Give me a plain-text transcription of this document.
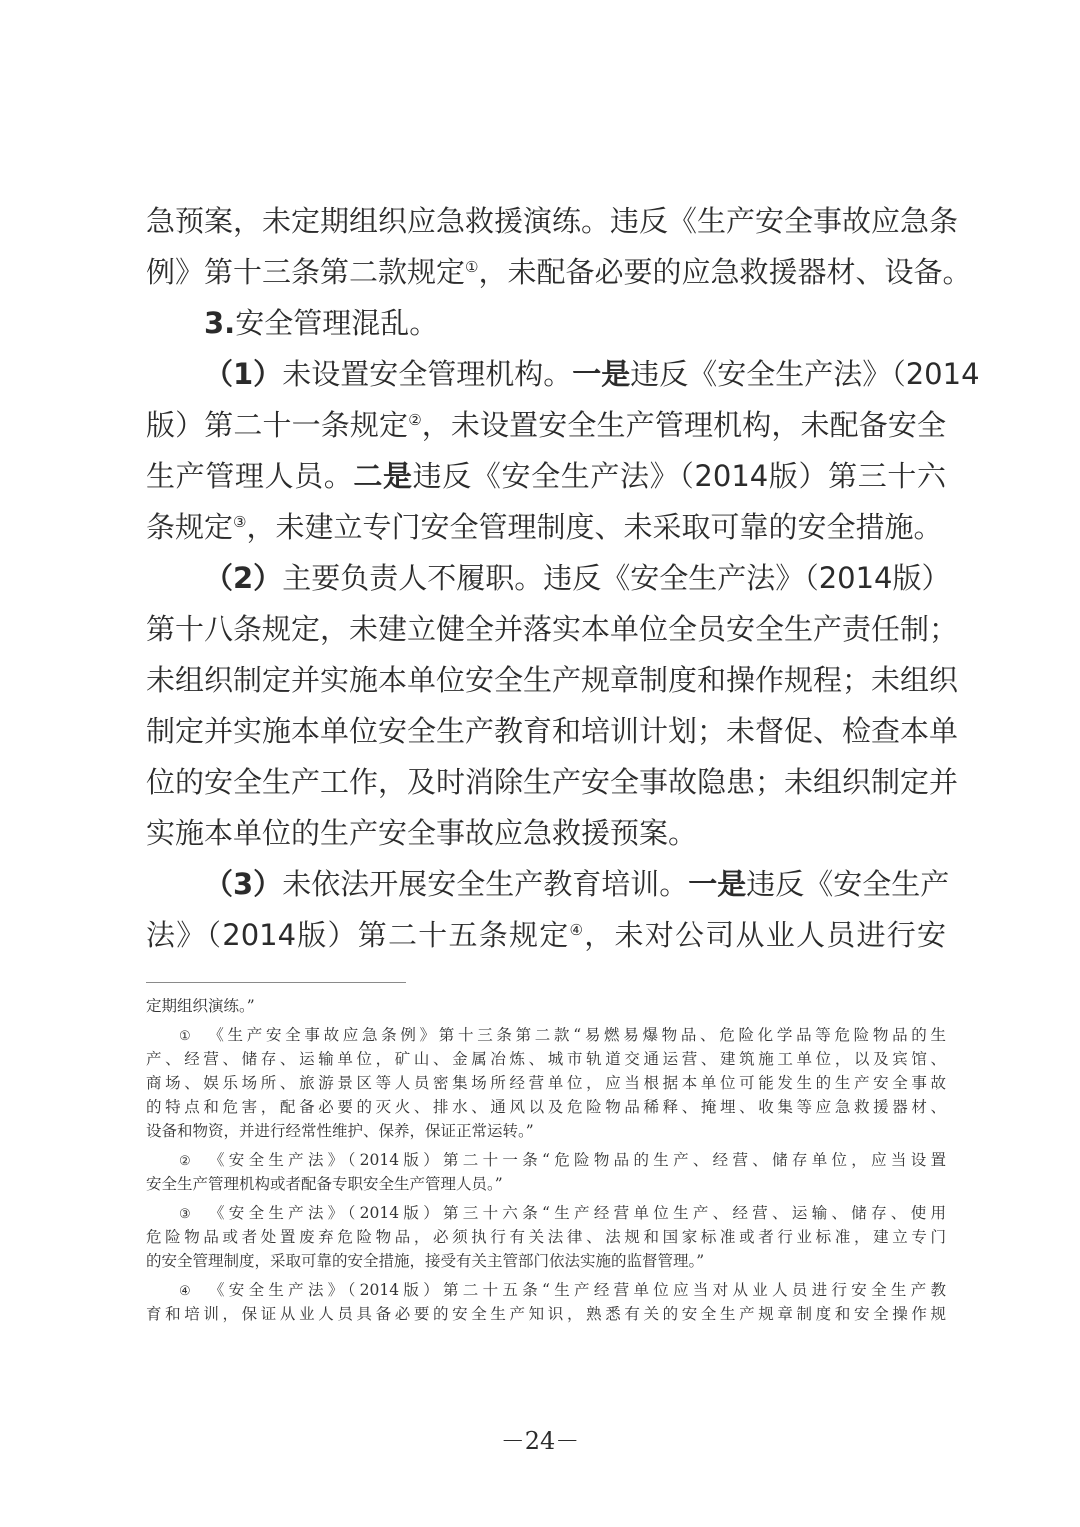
急预案，未定期组织应急救援演练。违反《生产安全事故应急条
例》第十三条第二款规定①，未配备必要的应急救援器材、设备。
3.安全管理混乱。
（1）未设置安全管理机构。一是违反《安全生产法》（2014
版）第二十一条规定②，未设置安全生产管理机构，未配备安全
生产管理人员。二是违反《安全生产法》（2014版）第三十六
条规定③，未建立专门安全管理制度、未采取可靠的安全措施。
（2）主要负责人不履职。违反《安全生产法》（2014版）
第十八条规定，未建立健全并落实本单位全员安全生产责任制；
未组织制定并实施本单位安全生产规章制度和操作规程；未组织
制定并实施本单位安全生产教育和培训计划；未督促、检查本单
位的安全生产工作，及时消除生产安全事故隐患；未组织制定并
实施本单位的生产安全事故应急救援预案。
（3）未依法开展安全生产教育培训。一是违反《安全生产
法》（2014版）第二十五条规定④，未对公司从业人员进行安
定期组织演练。”
① 《生产安全事故应急条例》第十三条第二款“易燃易爆物品、危险化学品等危险物品的生
产、经营、储存、运输单位，矿山、金属冶炼、城市轨道交通运营、建筑施工单位，以及宾馆、
商场、娱乐场所、旅游景区等人员密集场所经营单位，应当根据本单位可能发生的生产安全事故
的特点和危害，配备必要的灭火、排水、通风以及危险物品稀释、掩埋、收集等应急救援器材、
设备和物资，并进行经常性维护、保养，保证正常运转。”
② 《安全生产法》（2014版）第二十一条“危险物品的生产、经营、储存单位，应当设置
安全生产管理机构或者配备专职安全生产管理人员。”
③ 《安全生产法》（2014版）第三十六条“生产经营单位生产、经营、运输、储存、使用
危险物品或者处置废弃危险物品，必须执行有关法律、法规和国家标准或者行业标准，建立专门
的安全管理制度，采取可靠的安全措施，接受有关主管部门依法实施的监督管理。”
④ 《安全生产法》（2014版）第二十五条“生产经营单位应当对从业人员进行安全生产教
育和培训，保证从业人员具备必要的安全生产知识，熟悉有关的安全生产规章制度和安全操作规
－24－
